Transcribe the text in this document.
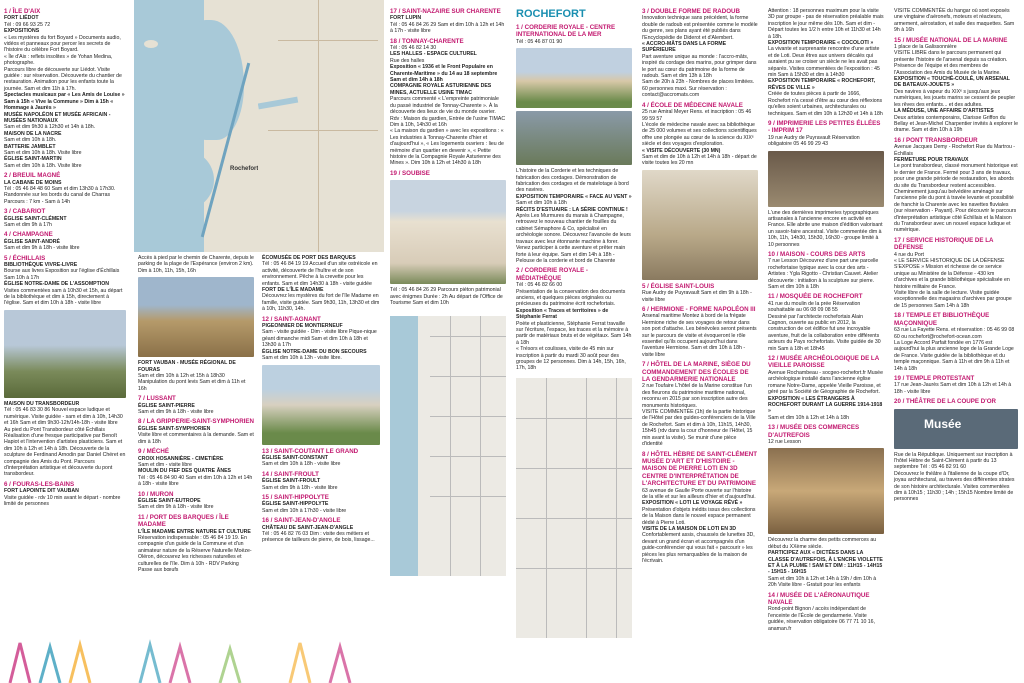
1 / ÎLE D'AIX
FORT LIÉDOT
Tél : 09 66 93 25 72
EXPOSITIONS
« Les mystères du fort Boyard » Documents audio, vidéos et panneaux pour percer les secrets de l'histoire du célèbre Fort Boyard.
« Île d'Aix : reflets insolites » de Yohan Medina, photographe.
Parcours libre de découverte sur Liédot. Visite guidée : sur réservation. Découverte du chantier de restauration. Animation pour les enfants toute la journée. Sam et dim 11h à 17h.
Spectacles musicaux par « Les Amis de Louise » Sam à 15h « Vive la Commune » Dim à 15h « Hommage à Jaurès »
MUSÉE NAPOLÉON ET MUSÉE AFRICAIN - MUSÉES NATIONAUX
Sam et dim 9h30 à 12h30 et 14h à 18h.
MAISON DE LA NACRE
Sam et dim 10h à 18h.
BATTERIE JAMBLET
Sam et dim 10h à 18h. Visite libre
ÉGLISE SAINT-MARTIN
Sam et dim 10h à 18h. Visite libre
2 / BREUIL MAGNÉ
LA CABANE DE MOINS
Tél : 05 46 84 48 60 Sam et dim 13h30 à 17h30. Randonnée sur les bords du canal de Charras Parcours : 7 km - Sam à 14h
3 / CABARIOT
ÉGLISE SAINT-CLÉMENT
Sam et dim 9h à 17h
4 / CHAMPAGNE
ÉGLISE SAINT-ANDRÉ
Sam et dim 9h à 18h - visite libre
5 / ÉCHILLAIS
BIBLIOTHÈQUE VIVRE-LIVRE
Bourse aux livres Exposition sur l'église d'Échillais Sam 10h à 17h
ÉGLISE NOTRE-DAME DE L'ASSOMPTION
Visites commentées sam à 10h30 et 15h, au départ de la bibliothèque et dim à 15h, directement à l'église. Sam et dim 10h à 18h - visite libre
MAISON DU TRANSBORDEUR
Tél : 05 46 83 30 86 Nouvel espace ludique et numérique. Visite guidée - sam et dim à 10h, 14h30 et 16h Sam et dim 9h30-12h/14h-18h - visite libre
Au pied du Pont Transbordeur côté Échillais Réalisation d'une fresque participative par Benoît Hapiot et l'intervention d'artistes plasticiens. Sam et dim 10h à 12h et 14h à 18h. Découverte de la sculpture de Ferdinand Arnodin par Daniel Chéret en compagnie des Amis du Pont. Parcours d'interprétation artistique et découverte du pont transbordeur.
6 / FOURAS-LES-BAINS
FORT LAPOINTE DIT VAUBAN
Visite guidée - rdv 10 min avant le départ - nombre limité de personnes
Rochefort
Accès à pied par le chemin de Charente, depuis le parking de la plage de l'Espérance (environ 2 km). Dim à 10h, 11h, 15h, 16h
FORT VAUBAN - MUSÉE RÉGIONAL DE FOURAS
Sam et dim 10h à 12h et 15h à 18h30
Manipulation du pont levis Sam et dim à 11h et 16h
7 / LUSSANT
ÉGLISE SAINT-PIERRE
Sam et dim 9h à 18h - visite libre
8 / LA GRIPPERIE-SAINT-SYMPHORIEN
ÉGLISE SAINT-SYMPHORIEN
Visite libre et commentaires à la demande. Sam et dim à 18h
9 / MÉCHÉ
CROIX HOSANNIÈRE - CIMETIÈRE
Sam et dim - visite libre
MOULIN DU FIEF DES QUATRE ÂNES
Tél : 05 46 84 90 40 Sam et dim 10h à 12h et 14h à 18h - visite libre
10 / MURON
ÉGLISE SAINT-EUTROPE
Sam et dim 9h à 18h - visite libre
11 / PORT DES BARQUES / ÎLE MADAME
L'ÎLE MADAME ENTRE NATURE ET CULTURE
Réservation indispensable : 05 46 84 19 19. En compagnie d'un guide de la Commune et d'un animateur nature de la Réserve Naturelle Moëze-Oléron, découvrez les richesses naturelles et culturelles de l'île. Dim à 10h - RDV Parking Passe aux bœufs
ÉCOMUSÉE DE PORT DES BARQUES
Tél : 05 46 84 19 19 Accueil d'un site ostréicole en activité, découverte de l'huître et de son environnement. Pêche à la crevette pour les enfants. Sam et dim 14h30 à 18h - visite guidée
FORT DE L'ÎLE MADAME
Découvrez les mystères du fort de l'île Madame en famille, visite guidée. Sam 9h30, 11h, 13h30 et dim à 10h, 11h30, 14h.
12 / SAINT-AGNANT
PIGEONNIER DE MONTIERNEUF
Sam - visite guidée - Dim - visite libre Pique-nique géant dimanche midi Sam et dim 10h à 18h et 13h30 à 17h
ÉGLISE NOTRE-DAME DU BON SECOURS
Sam et dim 10h à 13h - visite libre.
13 / SAINT-COUTANT LE GRAND
ÉGLISE SAINT-CONSTANT
Sam et dim 10h à 18h - visite libre
14 / SAINT-FROULT
ÉGLISE SAINT-FROULT
Sam et dim 9h à 18h - visite libre
15 / SAINT-HIPPOLYTE
ÉGLISE SAINT-HIPPOLYTE
Sam et dim 10h à 17h30 - visite libre
16 / SAINT-JEAN-D'ANGLE
CHÂTEAU DE SAINT-JEAN-D'ANGLE
Tél : 05 46 82 76 03 Dim : visite des métiers et présence de tailleurs de pierre, de bois, lissage...
17 / SAINT-NAZAIRE SUR CHARENTE
FORT LUPIN
Tél : 05 46 84 26 29 Sam et dim 10h à 12h et 14h à 17h - visite libre
18 / TONNAY-CHARENTE
Tél : 05 46 82 14 30
LES HALLES - ESPACE CULTUREL
Rue des halles
Exposition « 1936 et le Front Populaire en Charente-Maritime » du 14 au 18 septembre Sam et dim 14h à 18h
COMPAGNIE ROYALE ASTURIENNE DES MINES, ACTUELLE USINE TIMAC
Parcours commenté « L'empreinte patrimoniale du passé industriel de Tonnay-Charente ». À la découverte des lieux de vie du monde ouvrier. Rdv : Maison du gardien, Entrée de l'usine TIMAC Dim à 10h, 14h30 et 16h
« La maison du gardien » avec les expositions : « Les industries à Tonnay-Charente d'hier et d'aujourd'hui », « Les logements ouvriers : lieu de mémoire d'un quartier en devenir », « Petite histoire de la Compagnie Royale Asturienne des Mines ». Dim 10h à 12h et 14h30 à 18h
19 / SOUBISE
Tél : 05 46 84 26 29 Parcours piéton patrimonial avec énigmes Durée : 2h Au départ de l'Office de Tourisme Sam et dim 10h
ROCHEFORT
1 / CORDERIE ROYALE - CENTRE INTERNATIONAL DE LA MER
Tél : 05 46 87 01 90
L'histoire de la Corderie et les techniques de fabrication des cordages. Démonstration de fabrication des cordages et de matelotage à bord des navires.
EXPOSITION TEMPORAIRE « FACE AU VENT »
Sam et dim 10h à 18h
RÉCITS D'ESTUAIRE : LA SÉRIE CONTINUE !
Après Les Murmures du marais à Champagne, retrouvez le nouveau chantier de fouilles du cabinet Sémaphore & Co, spécialisé en archéologie sonore. Découvrez l'avancée de leurs travaux avec leur étonnante machine à forer. Venez participer à cette aventure et prêter main forte à leur équipe. Sam et dim 14h à 18h - Pelouse de la corderie et bord de Charente
2 / CORDERIE ROYALE - MÉDIATHÈQUE
Tél : 05 46 82 66 00
Présentation de la conservation des documents anciens, et quelques pièces originales ou précieuses du patrimoine écrit rochefortais.
Exposition « Traces et territoires » de Stéphanie Ferrat
Poète et plasticienne, Stéphanie Ferrat travaille sur l'écriture, l'espace, les traces et la mémoire à partir de matériaux bruts et de végétaux. Sam 14h à 18h
« Trésors et coulisses, visite de 45 min sur inscription à partir du mardi 30 août pour des groupes de 12 personnes. Dim à 14h, 15h, 16h, 17h, 18h
3 / DOUBLE FORME DE RADOUB
Innovation technique sans précédent, la forme double de radoub est présentée comme le modèle du genre, ses plans ayant été publiés dans l'Encyclopédie de Diderot et d'Alembert.
« ACCRO-MÂTS DANS LA FORME SUPÉRIEURE
Part aventure unique au monde : l'accro-mâts, inspiré du cordage des marins, pour grimper dans le port au cœur du patrimoine de la forme de radoub. Sam et dim 13h à 18h
Sam de 20h à 23h - Nombres de places limitées. 60 personnes maxi. Sur réservation : contact@accromats.com
4 / ÉCOLE DE MÉDECINE NAVALE
25 rue Amiral Meyer Rens. et inscription : 05 46 99 59 57
L'école de médecine navale avec sa bibliothèque de 25 000 volumes et ses collections scientifiques offre une plongée au cœur de la science du XIXᵉ siècle et des voyages d'exploration.
« VISITE DÉCOUVERTE (30 MN)
Sam et dim de 10h à 12h et 14h à 18h - départ de visite toutes les 20 mn
5 / ÉGLISE SAINT-LOUIS
Rue Audry de Puyravault Sam et dim 9h à 18h - visite libre
6 / HERMIONE - FORME NAPOLÉON III
Arsenal maritime Montez à bord de la frégate Hermione riche de ses voyages de retour dans son port d'attache. Les bénévoles seront présents sur le parcours de visite et évoqueront le rôle essentiel qu'ils occupent aujourd'hui dans l'aventure Hermione. Sam et dim 10h à 18h - visite libre
7 / HÔTEL DE LA MARINE, SIÈGE DU COMMANDEMENT DES ÉCOLES DE LA GENDARMERIE NATIONALE
2 rue Toufaire L'hôtel de la Marine constitue l'un des fleurons du patrimoine maritime national, reconnu en 2015 par son inscription autre des monuments historiques.
VISITE COMMENTÉE (1h) de la partie historique de l'Hôtel par des guides-conférenciers de la Ville de Rochefort. Sam et dim à 10h, 11h15, 14h30, 15h45 (rdv dans la cour d'honneur de l'Hôtel, 15 min avant la visite). Se munir d'une pièce d'identité
8 / HÔTEL HÈBRE DE SAINT-CLÉMENT MUSÉE D'ART ET D'HISTOIRE - MAISON DE PIERRE LOTI EN 3D CENTRE D'INTERPRÉTATION DE L'ARCHITECTURE ET DU PATRIMOINE
63 avenue de Gaulle Porte ouverte sur l'histoire de la ville et sur les ailleurs d'hier et d'aujourd'hui.
EXPOSITION « LOTI LE VOYAGE RÊVÉ »
Présentation d'objets inédits issus des collections de la Maison dans le nouvel espace permanent dédié à Pierre Loti.
VISITE DE LA MAISON DE LOTI EN 3D
Confortablement assis, chaussés de lunettes 3D, devant un grand écran et accompagnés d'un guide-conférencier qui vous fait « parcourir » les pièces les plus remarquables de la maison de l'écrivain.
Attention : 18 personnes maximum pour la visite 3D par groupe - pas de réservation préalable mais inscription le jour même dès 10h. Sam et dim - Départ toutes les 1/2 h entre 10h et 11h30 et 14h à 18h.
EXPOSITION TEMPORAIRE « COCOLOTI »
La vivante et surprenante rencontre d'une artiste et de Loti. Deux êtres aux univers décalés qui auraient pu se croiser un siècle ne les avait pas séparés. Visites commentées de l'exposition : 45 min Sam à 15h30 et dim à 14h30
EXPOSITION TEMPORAIRE « ROCHEFORT, RÊVES DE VILLE »
Créée de toutes pièces à partir de 1666, Rochefort n'a cessé d'être au cœur des réflexions qu'elles soient urbaines, architecturales ou techniques. Sam et dim 10h à 12h30 et 14h à 18h
9 / IMPRIMERIE LES PETITES ÉLLÉES - IMPRIM 17
19 rue Audry de Puyravault Réservation obligatoire 05 46 99 29 43
L'une des dernières imprimeries typographiques artisanales à l'ancienne encore en activité en France. Elle abrite une maison d'édition valorisant un savoir-faire ancestral. Visite commentée dim à 10h, 11h, 14h30, 15h30, 16h30 - groupe limité à 10 personnes
10 / MAISON - COURS DES ARTS
7 rue Lesson Découvrez d'une part une parcelle rochefortaise typique avec la cour des arts - Artistes : Ygla Rigotto - Christian Cauvet. Atelier découverte : initiation à la sculpture sur pierre. Sam et dim 10h à 18h
11 / MOSQUÉE DE ROCHEFORT
41 rue du moulin de la prée Réservation souhaitable au 06 08 09 08 55
Dessiné par l'architecte rochefortais Alain Cagnon, ouverte au public en 2012, la construction de cet édifice fut une incroyable aventure, fruit de la collaboration entre différents acteurs du Pays rochefortais. Visite guidée de 30 min Sam à 18h et 18h45
12 / MUSÉE ARCHÉOLOGIQUE DE LA VIEILLE PAROISSE
Avenue Rochambeau - socgeo-rochefort.fr Musée archéologique installé dans l'ancienne église romane Notre-Dame, appelée Vieille Paroisse, et géré par la Société de Géographie de Rochefort.
EXPOSITION « LES ÉTRANGERS À ROCHEFORT DURANT LA GUERRE 1914-1918 »
Sam et dim 10h à 12h et 14h à 18h
13 / MUSÉE DES COMMERCES D'AUTREFOIS
12 rue Lesson
Découvrez la charme des petits commerces au début du XXème siècle.
PARTICIPEZ AUX « DICTÉES DANS LA CLASSE D'AUTREFOIS, À L'ENCRE VIOLETTE ET À LA PLUME ! SAM ET DIM : 11H15 - 14H15 - 15H15 - 16H15
Sam et dim 10h à 12h et 14h à 19h / dim 10h à 20h Visite libre - Gratuit pour les enfants
14 / MUSÉE DE L'AÉRONAUTIQUE NAVALE
Rond-point Bignon / accès indépendant de l'enceinte de l'École de gendarmerie. Visite guidée, réservation obligatoire 06 77 71 10 16, anaman.fr
VISITE COMMENTÉE du hangar où sont exposés une vingtaine d'aéronefs, moteurs et réacteurs, armement, aérostation, et salle des maquettes. Sam 9h à 16h
15 / MUSÉE NATIONAL DE LA MARINE
1 place de la Galissonnière
VISITE LIBRE dans le parcours permanent qui présente l'histoire de l'arsenal depuis sa création. Présence de l'équipe et des membres de l'Association des Amis du Musée de la Marine.
EXPOSITION « TOUCHÉ-COULÉ, UN ARSENAL DE BATEAUX-JOUETS »
Des navires à vapeur du XIXᵉ s jusqu'aux jeux numériques, les jouets marins se cessent de peupler les rêves des enfants... et des adultes.
LA MÉDUSE, UNE AFFAIRE D'ARTISTES
Deux artistes contemporains, Clarisse Griffon du Bellay et Jean-Michel Charpentier invités à explorer le drame. Sam et dim 10h à 19h
16 / PONT TRANSBORDEUR
Avenue Jacques Demy - Rochefort Rue du Martrou - Échillais
FERMETURE POUR TRAVAUX
Le pont transbordeur, classé monument historique est le dernier de France. Fermé pour 3 ans de travaux, pour une grande période de restauration, les abords du site du Transbordeur restent accessibles. Cheminement jusqu'au belvédère aménagé sur l'ancienne pile du pont à travée levante et possibilité de franchir la Charente avec les navettes fluviales (sur réservation - Payant). Pour découvrir le parcours d'interprétation artistique côté Échillais et la Maison du Transbordeur avec un nouvel espace ludique et numérique.
17 / SERVICE HISTORIQUE DE LA DÉFENSE
4 rue du Port
« LE SERVICE HISTORIQUE DE LA DÉFENSE S'EXPOSE » Mission et richesse de ce service unique au Ministère de la Défense - 430 km d'archives et la grande bibliothèque spécialisée en histoire militaire de France.
Visite libre de la salle de lecture. Visite guidée exceptionnelle des magasins d'archives par groupe de 15 personnes Sam 14h à 18h
18 / TEMPLE ET BIBLIOTHÈQUE MAÇONNIQUE
63 rue La Fayette Rens. et réservation : 05 46 99 08 60 ou rochefort@rochefort-ocean.com
La Loge Accord Parfait fondée en 1776 est aujourd'hui la plus ancienne loge de la Grande Loge de France. Visite guidée de la bibliothèque et du temple maçonnique. Sam à 11h et dim 9h à 11h et 14h à 18h
19 / TEMPLE PROTESTANT
17 rue Jean-Jaurès Sam et dim 10h à 12h et 14h à 18h - visite libre
20 / THÉÂTRE DE LA COUPE D'OR
Musée
Rue de la République. Uniquement sur inscription à l'hôtel Hèbre de Saint-Clément à partir du 13 septembre Tél : 05 46 82 91 60
Découvrez le théâtre à l'italienne de la coupe d'Or, joyau architectural, au travers des différentes strates de son histoire architecturale. Visites commentées dim à 10h15 ; 11h30 ; 14h ; 15h15 Nombre limité de personnes
